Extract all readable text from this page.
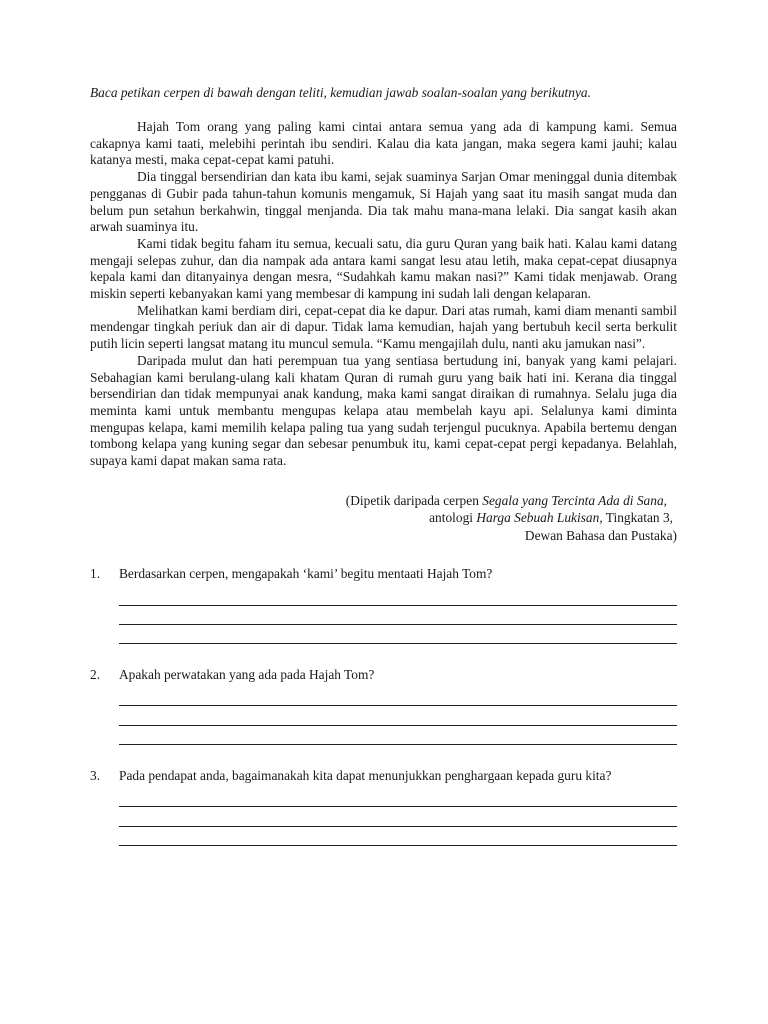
Baca petikan cerpen di bawah dengan teliti, kemudian jawab soalan-soalan yang berikutnya.

Hajah Tom orang yang paling kami cintai antara semua yang ada di kampung kami. Semua cakapnya kami taati, melebihi perintah ibu sendiri. Kalau dia kata jangan, maka segera kami jauhi; kalau katanya mesti, maka cepat-cepat kami patuhi.

Dia tinggal bersendirian dan kata ibu kami, sejak suaminya Sarjan Omar meninggal dunia ditembak pengganas di Gubir pada tahun-tahun komunis mengamuk, Si Hajah yang saat itu masih sangat muda dan belum pun setahun berkahwin, tinggal menjanda. Dia tak mahu mana-mana lelaki. Dia sangat kasih akan arwah suaminya itu.

Kami tidak begitu faham itu semua, kecuali satu, dia guru Quran yang baik hati. Kalau kami datang mengaji selepas zuhur, dan dia nampak ada antara kami sangat lesu atau letih, maka cepat-cepat diusapnya kepala kami dan ditanyainya dengan mesra, “Sudahkah kamu makan nasi?” Kami tidak menjawab. Orang miskin seperti kebanyakan kami yang membesar di kampung ini sudah lali dengan kelaparan.

Melihatkan kami berdiam diri, cepat-cepat dia ke dapur. Dari atas rumah, kami diam menanti sambil mendengar tingkah periuk dan air di dapur. Tidak lama kemudian, hajah yang bertubuh kecil serta berkulit putih licin seperti langsat matang itu muncul semula. “Kamu mengajilah dulu, nanti aku jamukan nasi”.

Daripada mulut dan hati perempuan tua yang sentiasa bertudung ini, banyak yang kami pelajari. Sebahagian kami berulang-ulang kali khatam Quran di rumah guru yang baik hati ini. Kerana dia tinggal bersendirian dan tidak mempunyai anak kandung, maka kami sangat diraikan di rumahnya. Selalu juga dia meminta kami untuk membantu mengupas kelapa atau membelah kayu api. Selalunya kami diminta mengupas kelapa, kami memilih kelapa paling tua yang sudah terjengul pucuknya. Apabila bertemu dengan tombong kelapa yang kuning segar dan sebesar penumbuk itu, kami cepat-cepat pergi kepadanya. Belahlah, supaya kami dapat makan sama rata.

(Dipetik daripada cerpen Segala yang Tercinta Ada di Sana,
antologi Harga Sebuah Lukisan, Tingkatan 3,
Dewan Bahasa dan Pustaka)
1.	Berdasarkan cerpen, mengapakah ‘kami’ begitu mentaati Hajah Tom?
2.	Apakah perwatakan yang ada pada Hajah Tom?
3.	Pada pendapat anda, bagaimanakah kita dapat menunjukkan penghargaan kepada guru kita?
